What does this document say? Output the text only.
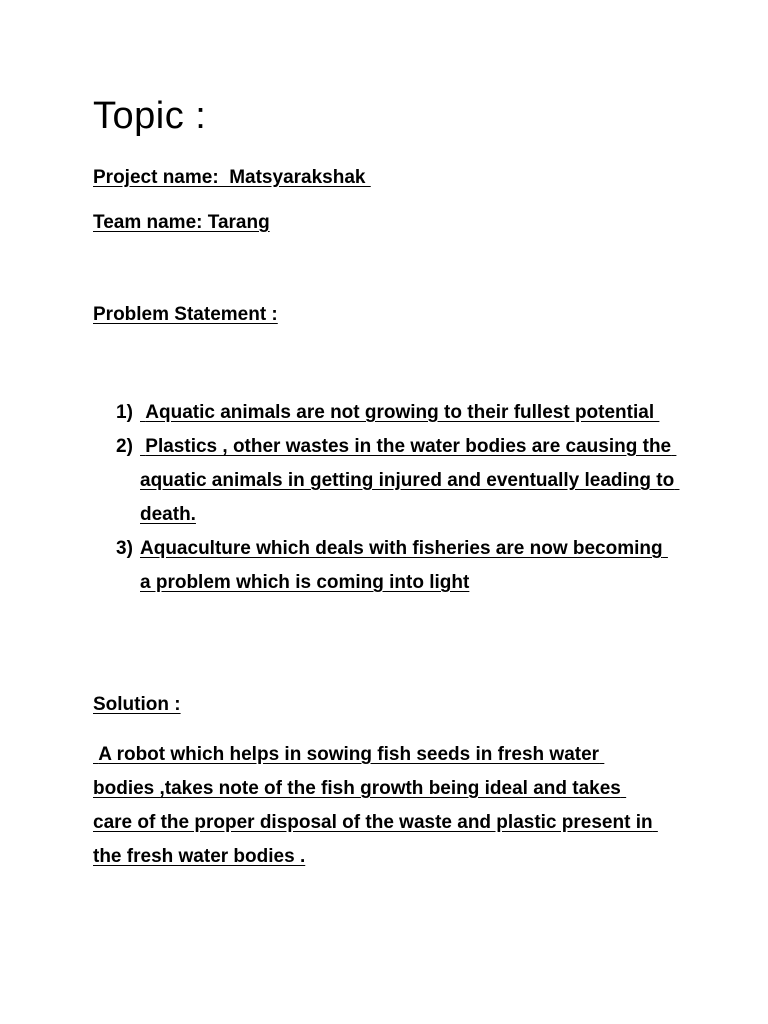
Topic :
Project name:  Matsyarakshak
Team name: Tarang
Problem Statement :
1) Aquatic animals are not growing to their fullest potential
2) Plastics , other wastes in the water bodies are causing the aquatic animals in getting injured and eventually leading to death.
3) Aquaculture which deals with fisheries are now becoming a problem which is coming into light
Solution :
A robot which helps in sowing fish seeds in fresh water bodies ,takes note of the fish growth being ideal and takes care of the proper disposal of the waste and plastic present in the fresh water bodies .
